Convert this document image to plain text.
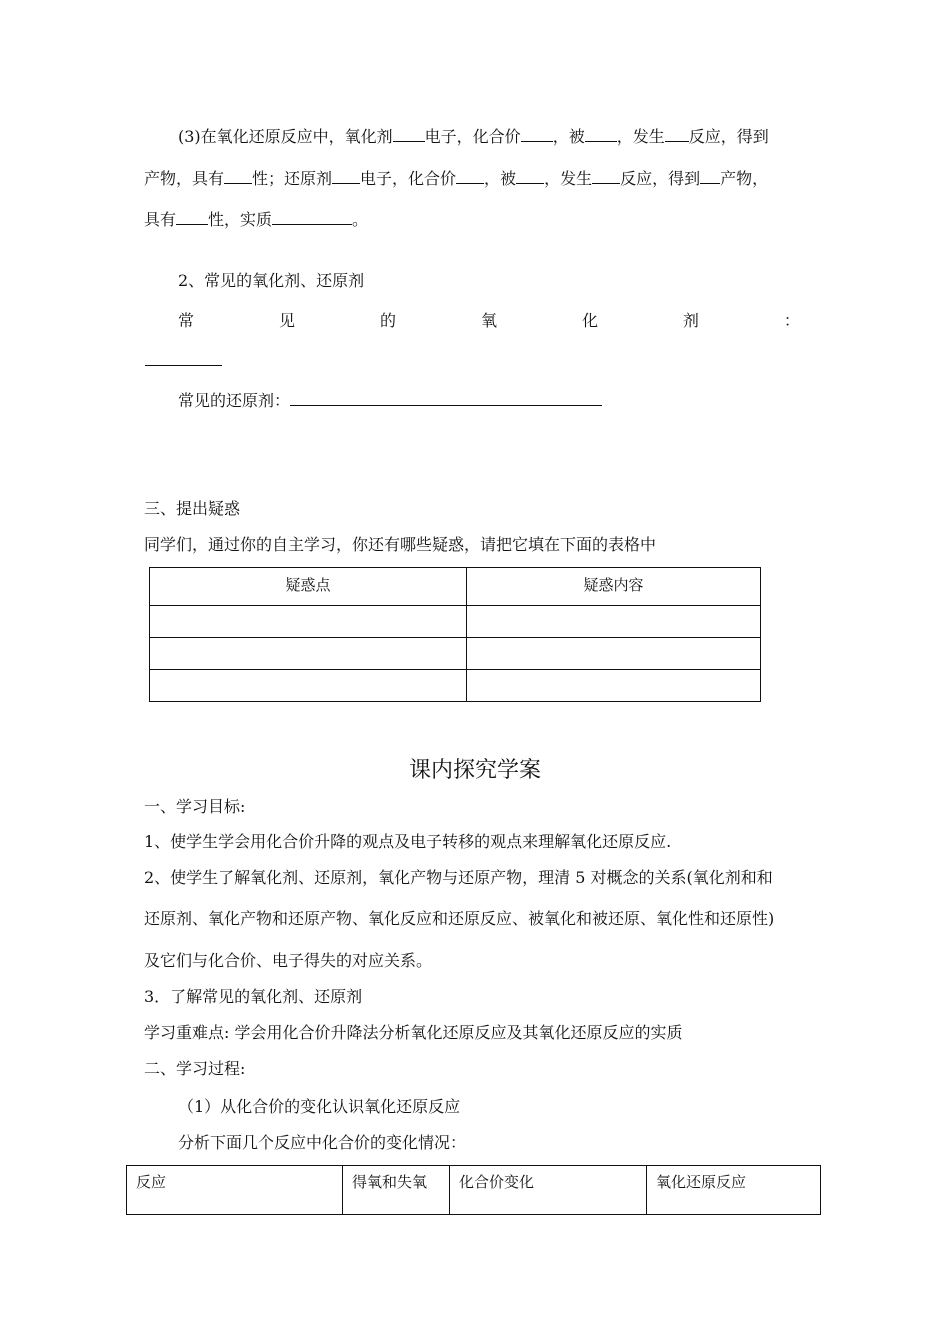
(3)在氧化还原反应中，氧化剂 电子，化合价 ，被 ，发生 反应，得到
产物，具有 性；还原剂 电子，化合价 ，被 ，发生 反应，得到 产物，
具有 性，实质	。
2、常见的氧化剂、还原剂
常	见	的	氧	化	剂	：
常见的还原剂：
三、提出疑惑
同学们，通过你的自主学习，你还有哪些疑惑，请把它填在下面的表格中
疑惑点	疑惑内容

课内探究学案
一、学习目标:
1、使学生学会用化合价升降的观点及电子转移的观点来理解氧化还原反应.
2、使学生了解氧化剂、还原剂，氧化产物与还原产物，理清 5 对概念的关系(氧化剂和和
还原剂、氧化产物和还原产物、氧化反应和还原反应、被氧化和被还原、氧化性和还原性)
及它们与化合价、电子得失的对应关系。
3．了解常见的氧化剂、还原剂
学习重难点: 学会用化合价升降法分析氧化还原反应及其氧化还原反应的实质
二、学习过程:
（1）从化合价的变化认识氧化还原反应
分析下面几个反应中化合价的变化情况：
反应	得氧和失氧	化合价变化	氧化还原反应
